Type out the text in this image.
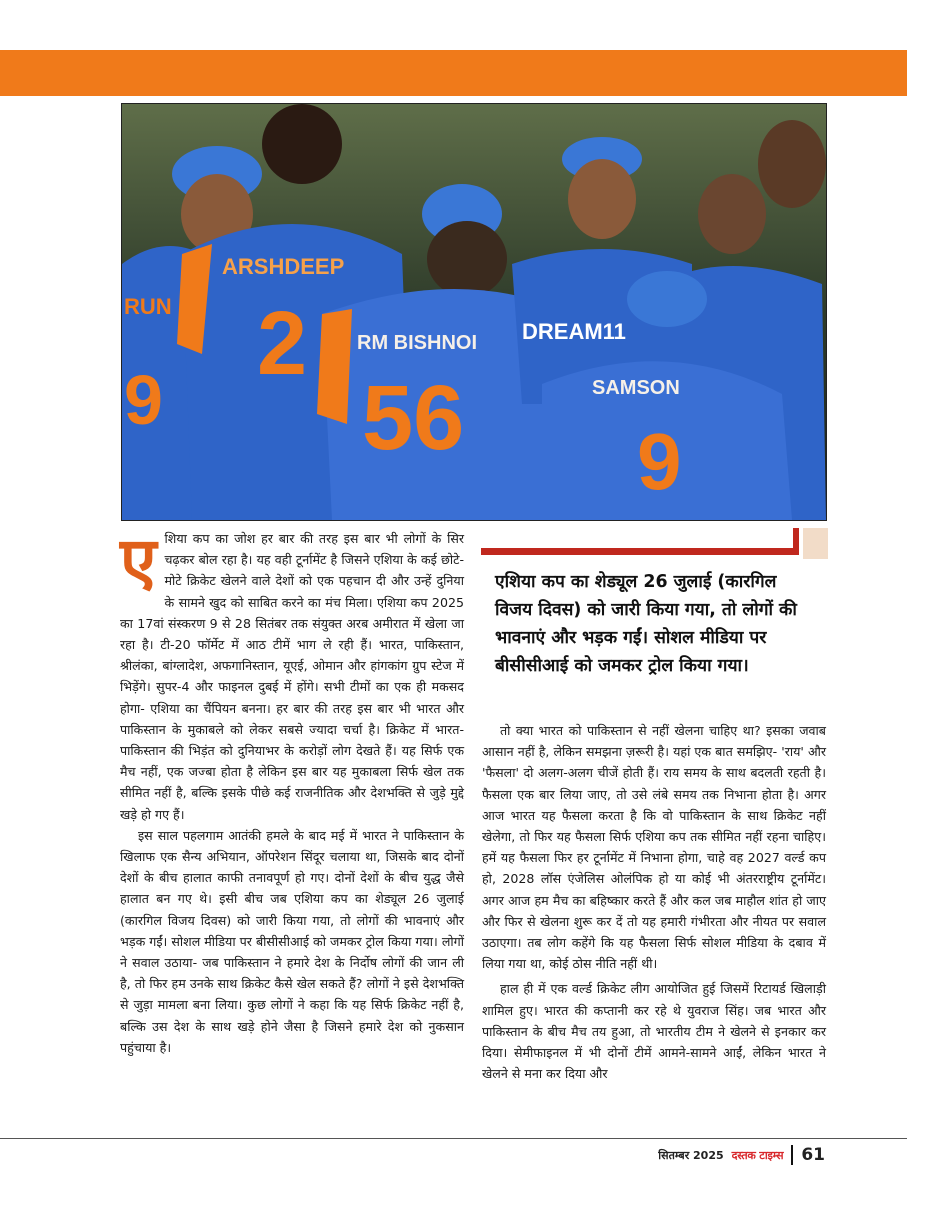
ARSHDEEP
2 RM BISHNOI
56
DREAM11
SAMSON
9
RUN
9

एशिया कप का जोश हर बार की तरह इस बार भी लोगों के सिर चढ़कर बोल रहा है। यह वही टूर्नामेंट है जिसने एशिया के कई छोटे-मोटे क्रिकेट खेलने वाले देशों को एक पहचान दी और उन्हें दुनिया के सामने खुद को साबित करने का मंच मिला। एशिया कप 2025 का 17वां संस्करण 9 से 28 सितंबर तक संयुक्त अरब अमीरात में खेला जा रहा है। टी-20 फॉर्मेट में आठ टीमें भाग ले रही हैं। भारत, पाकिस्तान, श्रीलंका, बांग्लादेश, अफगानिस्तान, यूएई, ओमान और हांगकांग ग्रुप स्टेज में भिड़ेंगे। सुपर-4 और फाइनल दुबई में होंगे। सभी टीमों का एक ही मकसद होगा- एशिया का चैंपियन बनना। हर बार की तरह इस बार भी भारत और पाकिस्तान के मुकाबले को लेकर सबसे ज्यादा चर्चा है। क्रिकेट में भारत-पाकिस्तान की भिड़ंत को दुनियाभर के करोड़ों लोग देखते हैं। यह सिर्फ एक मैच नहीं, एक जज्बा होता है लेकिन इस बार यह मुकाबला सिर्फ खेल तक सीमित नहीं है, बल्कि इसके पीछे कई राजनीतिक और देशभक्ति से जुड़े मुद्दे खड़े हो गए हैं।

इस साल पहलगाम आतंकी हमले के बाद मई में भारत ने पाकिस्तान के खिलाफ एक सैन्य अभियान, ऑपरेशन सिंदूर चलाया था, जिसके बाद दोनों देशों के बीच हालात काफी तनावपूर्ण हो गए। दोनों देशों के बीच युद्ध जैसे हालात बन गए थे। इसी बीच जब एशिया कप का शेड्यूल 26 जुलाई (कारगिल विजय दिवस) को जारी किया गया, तो लोगों की भावनाएं और भड़क गईं। सोशल मीडिया पर बीसीसीआई को जमकर ट्रोल किया गया। लोगों ने सवाल उठाया- जब पाकिस्तान ने हमारे देश के निर्दोष लोगों की जान ली है, तो फिर हम उनके साथ क्रिकेट कैसे खेल सकते हैं? लोगों ने इसे देशभक्ति से जुड़ा मामला बना लिया। कुछ लोगों ने कहा कि यह सिर्फ क्रिकेट नहीं है, बल्कि उस देश के साथ खड़े होने जैसा है जिसने हमारे देश को नुकसान पहुंचाया है।

एशिया कप का शेड्यूल 26 जुलाई (कारगिल विजय दिवस) को जारी किया गया, तो लोगों की भावनाएं और भड़क गईं। सोशल मीडिया पर बीसीसीआई को जमकर ट्रोल किया गया।

तो क्या भारत को पाकिस्तान से नहीं खेलना चाहिए था? इसका जवाब आसान नहीं है, लेकिन समझना ज़रूरी है। यहां एक बात समझिए- 'राय' और 'फैसला' दो अलग-अलग चीजें होती हैं। राय समय के साथ बदलती रहती है। फैसला एक बार लिया जाए, तो उसे लंबे समय तक निभाना होता है। अगर आज भारत यह फैसला करता है कि वो पाकिस्तान के साथ क्रिकेट नहीं खेलेगा, तो फिर यह फैसला सिर्फ एशिया कप तक सीमित नहीं रहना चाहिए। हमें यह फैसला फिर हर टूर्नामेंट में निभाना होगा, चाहे वह 2027 वर्ल्ड कप हो, 2028 लॉस एंजेलिस ओलंपिक हो या कोई भी अंतरराष्ट्रीय टूर्नामेंट। अगर आज हम मैच का बहिष्कार करते हैं और कल जब माहौल शांत हो जाए और फिर से खेलना शुरू कर दें तो यह हमारी गंभीरता और नीयत पर सवाल उठाएगा। तब लोग कहेंगे कि यह फैसला सिर्फ सोशल मीडिया के दबाव में लिया गया था, कोई ठोस नीति नहीं थी।

हाल ही में एक वर्ल्ड क्रिकेट लीग आयोजित हुई जिसमें रिटायर्ड खिलाड़ी शामिल हुए। भारत की कप्तानी कर रहे थे युवराज सिंह। जब भारत और पाकिस्तान के बीच मैच तय हुआ, तो भारतीय टीम ने खेलने से इनकार कर दिया। सेमीफाइनल में भी दोनों टीमें आमने-सामने आईं, लेकिन भारत ने खेलने से मना कर दिया और

सितम्बर 2025 दस्तक टाइम्स 61
